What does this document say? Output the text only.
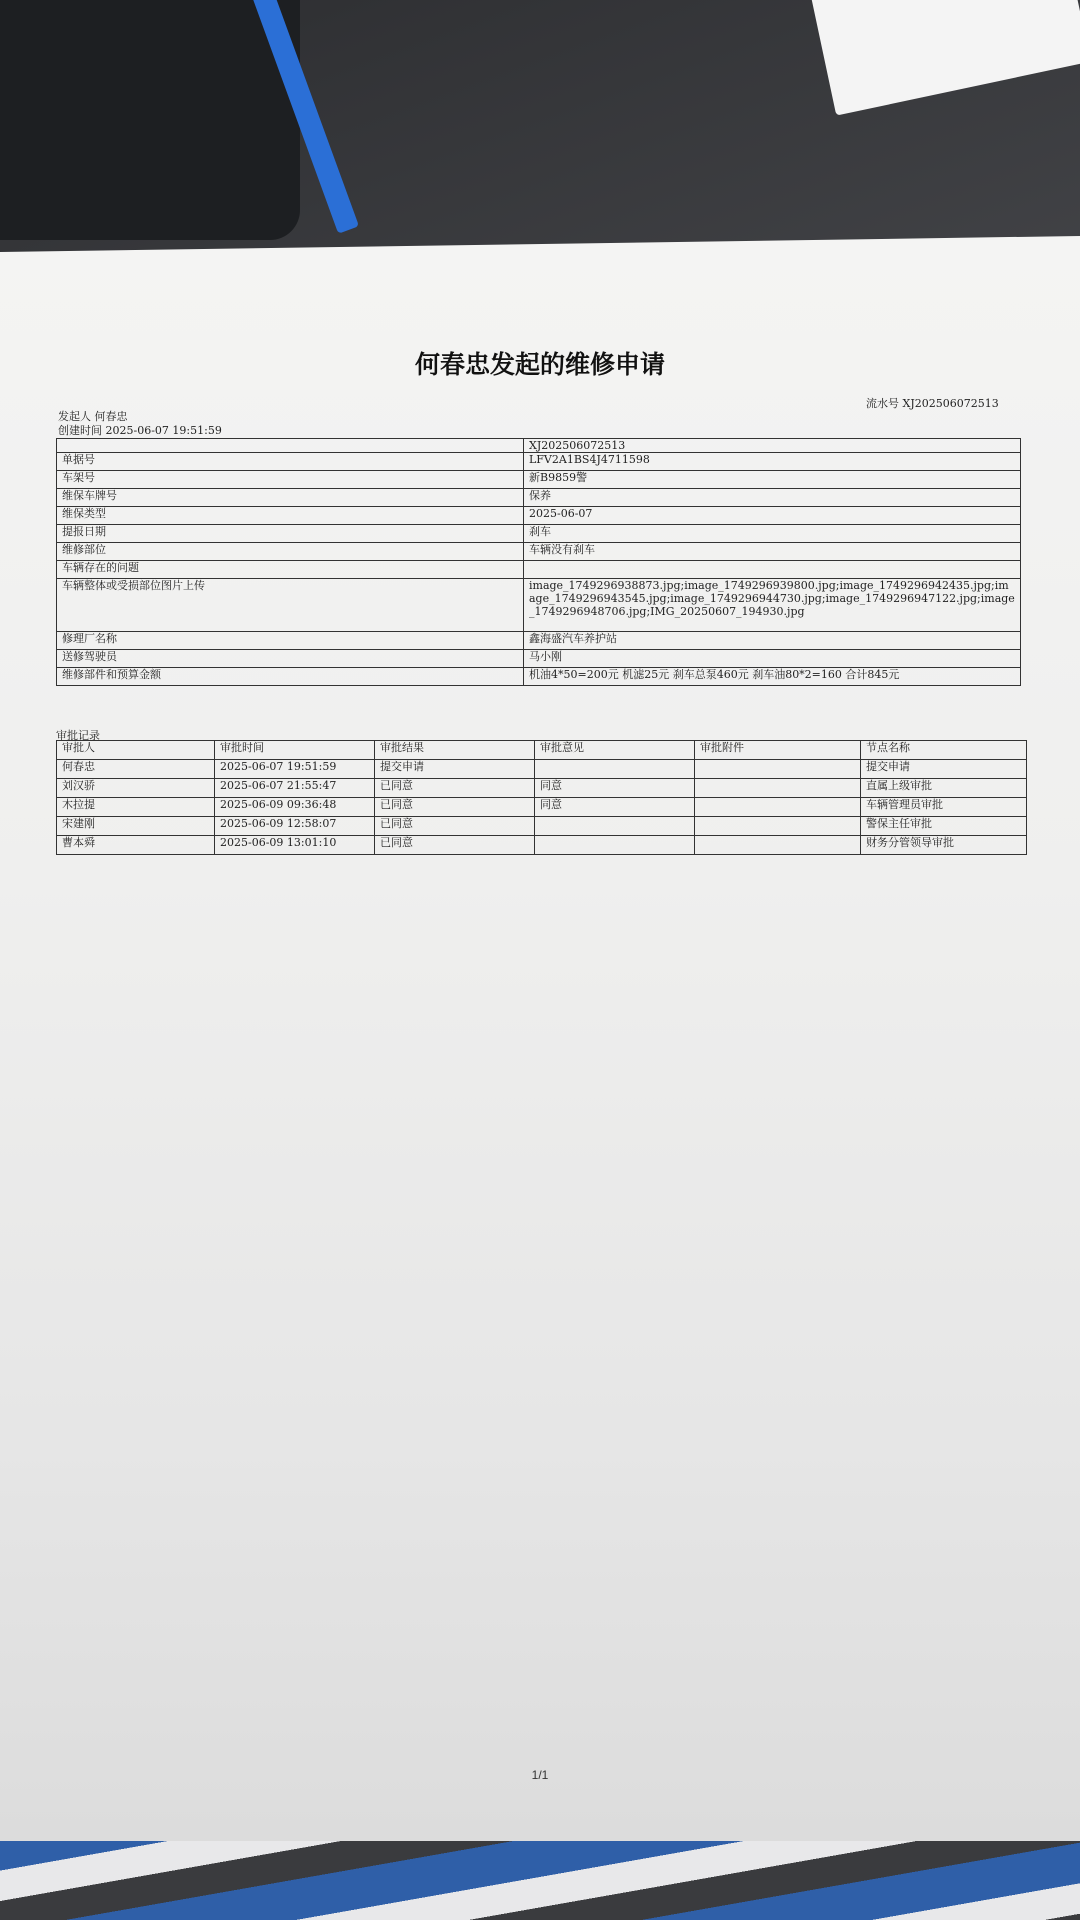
何春忠发起的维修申请
发起人 何春忠
创建时间 2025-06-07 19:51:59
流水号 XJ202506072513
	XJ202506072513
单据号	LFV2A1BS4J4711598
车架号	新B9859警
维保车牌号	保养
维保类型	2025-06-07
提报日期	刹车
维修部位	车辆没有刹车
车辆存在的问题	
车辆整体或受损部位图片上传	image_1749296938873.jpg;image_1749296939800.jpg;image_1749296942435.jpg;image_1749296943545.jpg;image_1749296944730.jpg;image_1749296947122.jpg;image_1749296948706.jpg;IMG_20250607_194930.jpg
修理厂名称	鑫海盛汽车养护站
送修驾驶员	马小刚
维修部件和预算金额	机油4*50=200元 机滤25元 刹车总泵460元 刹车油80*2=160 合计845元
审批记录
审批人	审批时间	审批结果	审批意见	审批附件	节点名称
何春忠	2025-06-07 19:51:59	提交申请			提交申请
刘汉骄	2025-06-07 21:55:47	已同意	同意		直属上级审批
木拉提	2025-06-09 09:36:48	已同意	同意		车辆管理员审批
宋建刚	2025-06-09 12:58:07	已同意			警保主任审批
曹本舜	2025-06-09 13:01:10	已同意			财务分管领导审批
1/1
